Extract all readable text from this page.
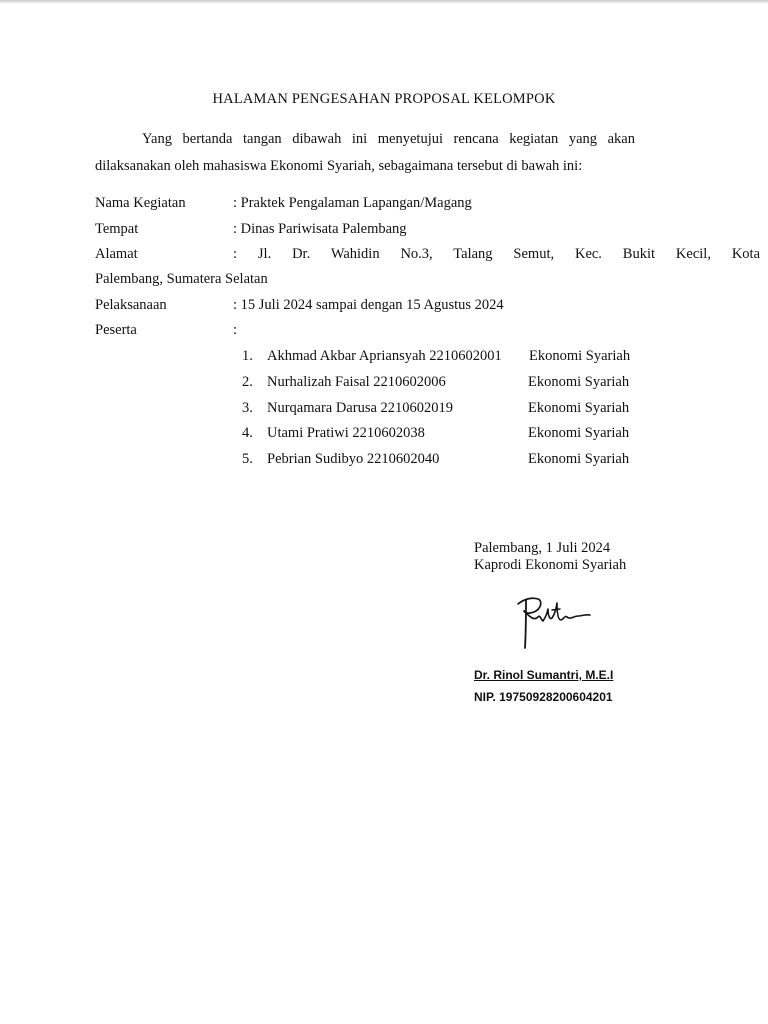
HALAMAN PENGESAHAN PROPOSAL KELOMPOK
Yang bertanda tangan dibawah ini menyetujui rencana kegiatan yang akan dilaksanakan oleh mahasiswa Ekonomi Syariah, sebagaimana tersebut di bawah ini:
Nama Kegiatan	: Praktek Pengalaman Lapangan/Magang
Tempat	: Dinas Pariwisata Palembang
Alamat	: Jl. Dr. Wahidin No.3, Talang Semut, Kec. Bukit Kecil, Kota
Palembang, Sumatera Selatan
Pelaksanaan	: 15 Juli 2024 sampai dengan 15 Agustus 2024
Peserta	:
1. Akhmad Akbar Apriansyah 2210602001 Ekonomi Syariah
2. Nurhalizah Faisal 2210602006	Ekonomi Syariah
3. Nurqamara Darusa 2210602019	Ekonomi Syariah
4. Utami Pratiwi 2210602038	Ekonomi Syariah
5. Pebrian Sudibyo 2210602040	Ekonomi Syariah
Palembang, 1 Juli 2024
Kaprodi Ekonomi Syariah
Dr. Rinol Sumantri, M.E.I
NIP. 19750928200604201
